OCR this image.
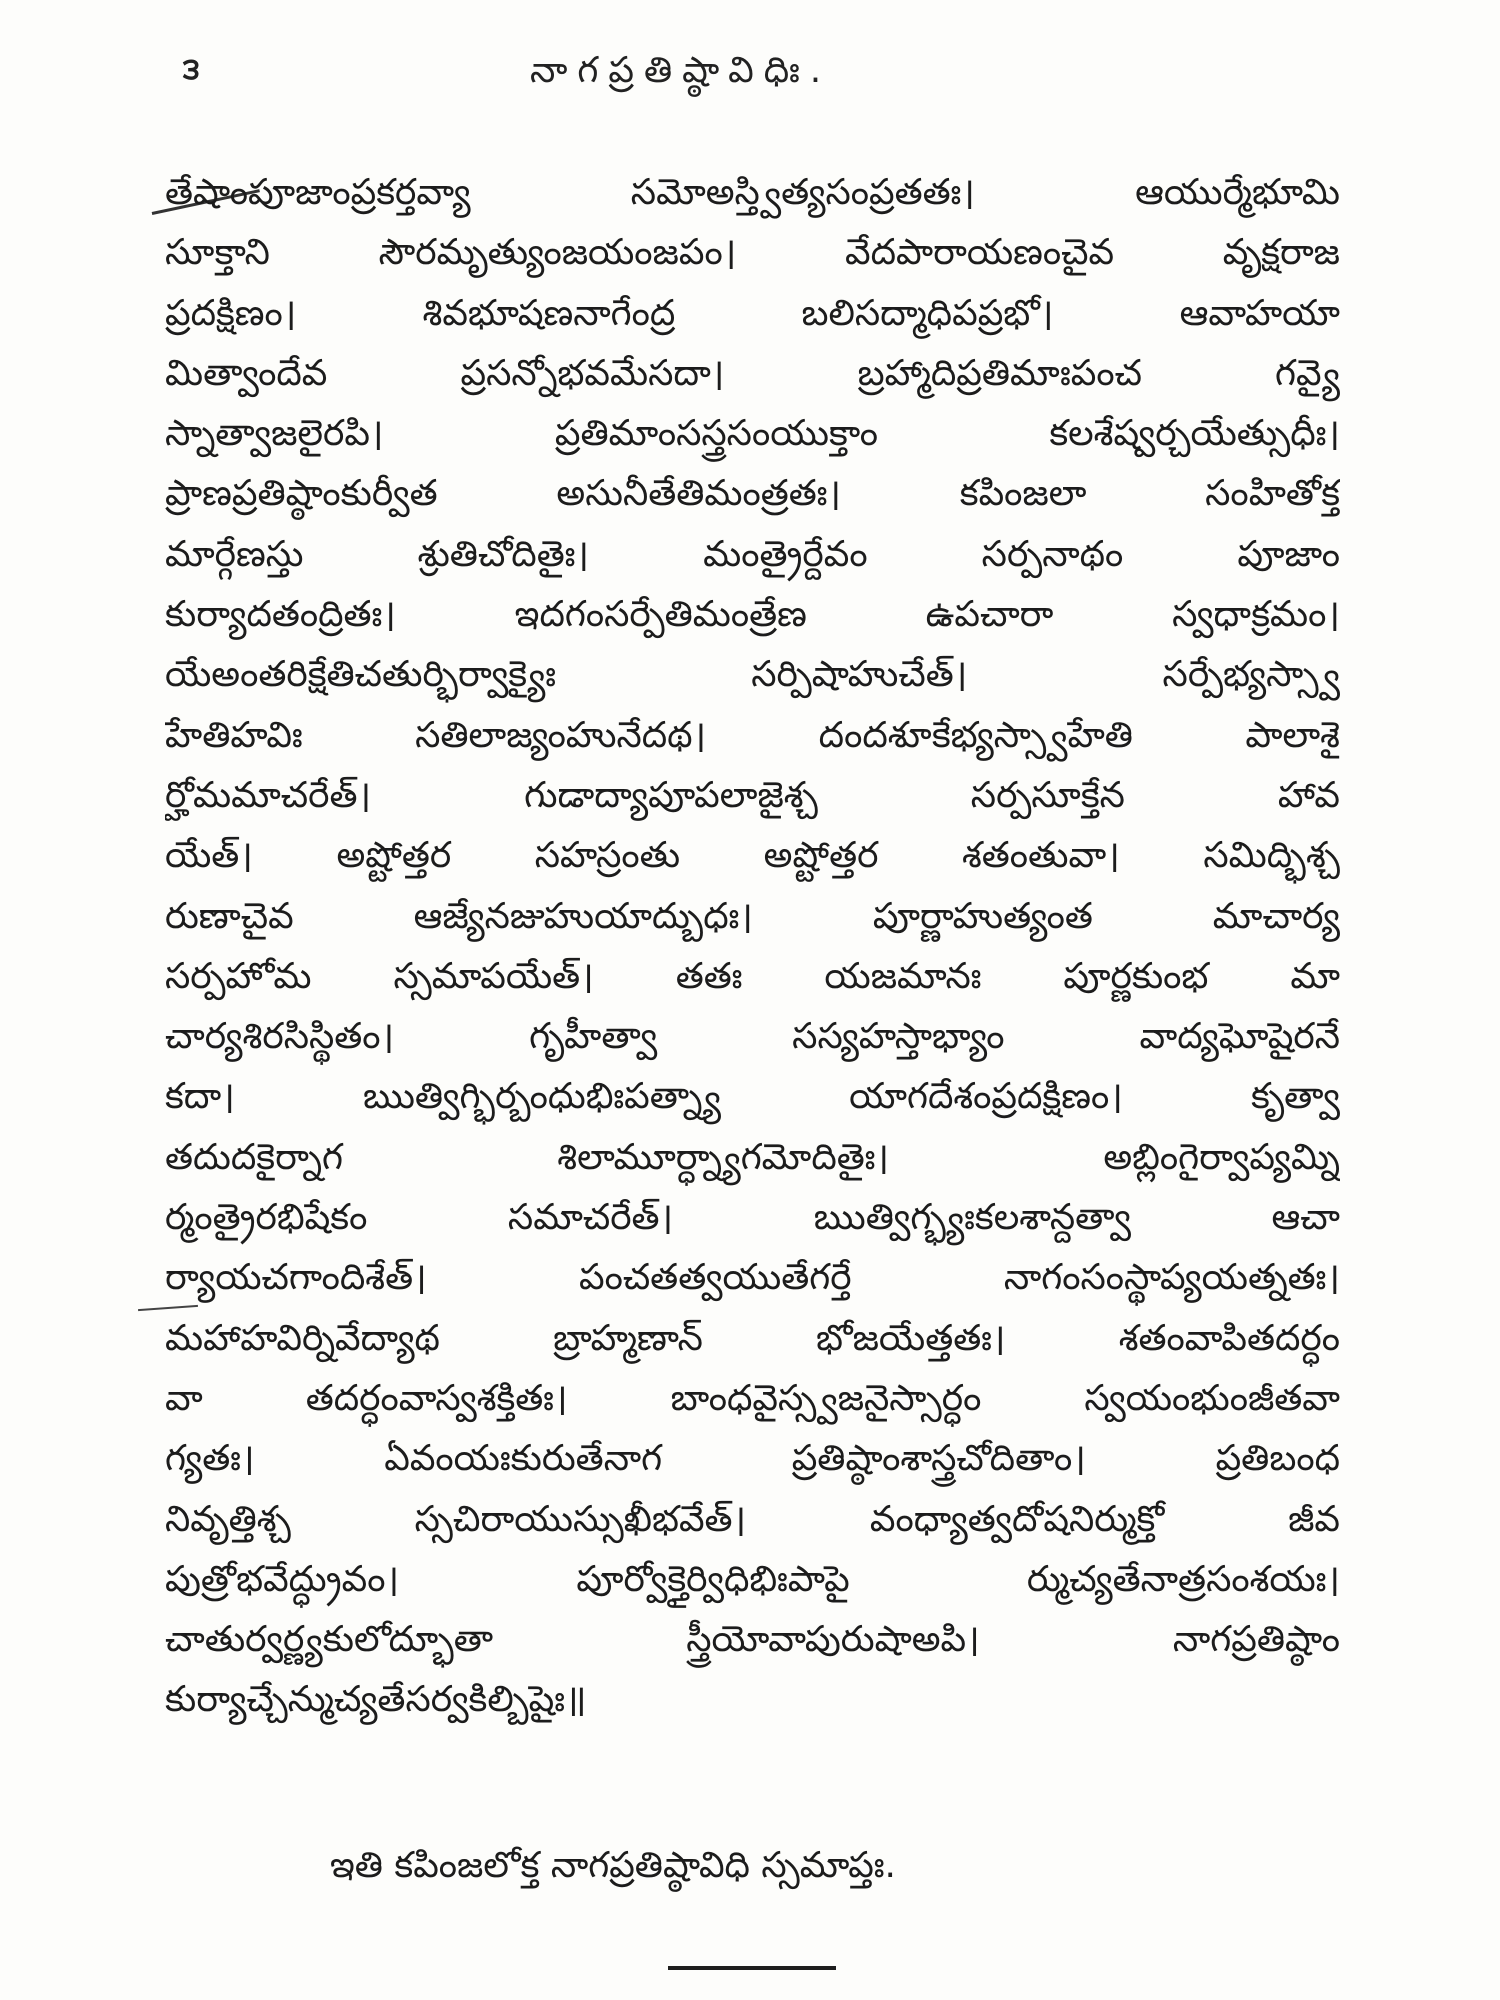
౩	నాగప్రతిష్ఠావిధిః.
తేషాంపూజాంప్రకర్తవ్యా సమోఅస్త్విత్యసంప్రతతః। ఆయుర్మేభూమి
సూక్తాని సౌరమృత్యుంజయంజపం। వేదపారాయణంచైవ వృక్షరాజ
ప్రదక్షిణం। శివభూషణనాగేంద్ర బలిసద్మాధిపప్రభో। ఆవాహయా
మిత్వాందేవ ప్రసన్నోభవమేసదా। బ్రహ్మాదిప్రతిమాఃపంచ గవ్యై
స్నాత్వాజలైరపి। ప్రతిమాంసస్త్రసంయుక్తాం కలశేష్వర్చయేత్సుధీః।
ప్రాణప్రతిష్ఠాంకుర్వీత అసునీతేతిమంత్రతః। కపింజలా సంహితోక్త
మార్గేణస్తు శ్రుతిచోదితైః। మంత్రైర్దేవం సర్పనాథం పూజాం
కుర్యాదతంద్రితః। ఇదగంసర్పేతిమంత్రేణ ఉపచారా స్వధాక్రమం।
యేఅంతరిక్షేతిచతుర్భిర్వాక్యైః సర్పిషాహుచేత్। సర్పేభ్యస్స్వా
హేతిహవిః సతిలాజ్యంహునేదథ। దందశూకేభ్యస్స్వాహేతి పాలాశై
ర్హోమమాచరేత్। గుడాద్యాపూపలాజైశ్చ సర్పసూక్తేన హావ
యేత్। అష్టోత్తర సహస్రంతు అష్టోత్తర శతంతువా। సమిద్భిశ్చ
రుణాచైవ ఆజ్యేనజుహుయాద్బుధః। పూర్ణాహుత్యంత మాచార్య
సర్పహోమ స్సమాపయేత్। తతః యజమానః పూర్ణకుంభ మా
చార్యశిరసిస్థితం। గృహీత్వా సస్యహస్తాభ్యాం వాద్యఘోషైరనే
కదా। ఋత్విగ్భిర్బంధుభిఃపత్న్యా యాగదేశంప్రదక్షిణం। కృత్వా
తదుదకైర్నాగ శిలామూర్ధ్న్యాగమోదితైః। అబ్లింగైర్వాప్యమ్ని
ర్మంత్రైరభిషేకం సమాచరేత్। ఋత్విగ్భ్యఃకలశాన్దత్వా ఆచా
ర్యాయచగాందిశేత్। పంచతత్వయుతేగర్తే నాగంసంస్థాప్యయత్నతః।
మహాహవిర్నివేద్యాథ బ్రాహ్మణాన్ భోజయేత్తతః। శతంవాపితదర్ధం
వా తదర్ధంవాస్వశక్తితః। బాంధవైస్స్వజనైస్సార్ధం స్వయంభుంజీతవా
గ్యతః। ఏవంయఃకురుతేనాగ ప్రతిష్ఠాంశాస్త్రచోదితాం। ప్రతిబంధ
నివృత్తిశ్చ స్సచిరాయుస్సుఖీభవేత్। వంధ్యాత్వదోషనిర్ముక్తో జీవ
పుత్రోభవేద్ధ్రువం। పూర్వోక్తైర్విధిభిఃపాపై ర్ముచ్యతేనాత్రసంశయః।
చాతుర్వర్ణ్యకులోద్భూతా స్త్రీయోవాపురుషాఅపి। నాగప్రతిష్ఠాం
కుర్యాచ్చేన్ముచ్యతేసర్వకిల్బిషైః॥
ఇతి కపింజలోక్త నాగప్రతిష్ఠావిధి స్సమాప్తః.
